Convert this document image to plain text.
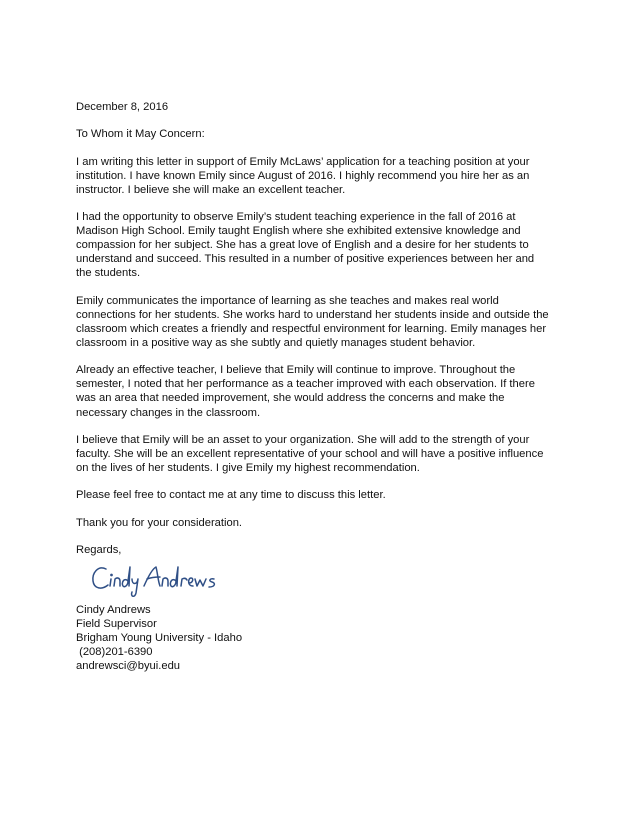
December 8, 2016

To Whom it May Concern:

I am writing this letter in support of Emily McLaws’ application for a teaching position at your
institution. I have known Emily since August of 2016. I highly recommend you hire her as an
instructor. I believe she will make an excellent teacher.

I had the opportunity to observe Emily’s student teaching experience in the fall of 2016 at
Madison High School. Emily taught English where she exhibited extensive knowledge and
compassion for her subject. She has a great love of English and a desire for her students to
understand and succeed. This resulted in a number of positive experiences between her and
the students.

Emily communicates the importance of learning as she teaches and makes real world
connections for her students. She works hard to understand her students inside and outside the
classroom which creates a friendly and respectful environment for learning. Emily manages her
classroom in a positive way as she subtly and quietly manages student behavior.

Already an effective teacher, I believe that Emily will continue to improve. Throughout the
semester, I noted that her performance as a teacher improved with each observation. If there
was an area that needed improvement, she would address the concerns and make the
necessary changes in the classroom.

I believe that Emily will be an asset to your organization. She will add to the strength of your
faculty. She will be an excellent representative of your school and will have a positive influence
on the lives of her students. I give Emily my highest recommendation.

Please feel free to contact me at any time to discuss this letter.

Thank you for your consideration.

Regards,

Cindy Andrews
Field Supervisor
Brigham Young University - Idaho
(208)201-6390
andrewsci@byui.edu
